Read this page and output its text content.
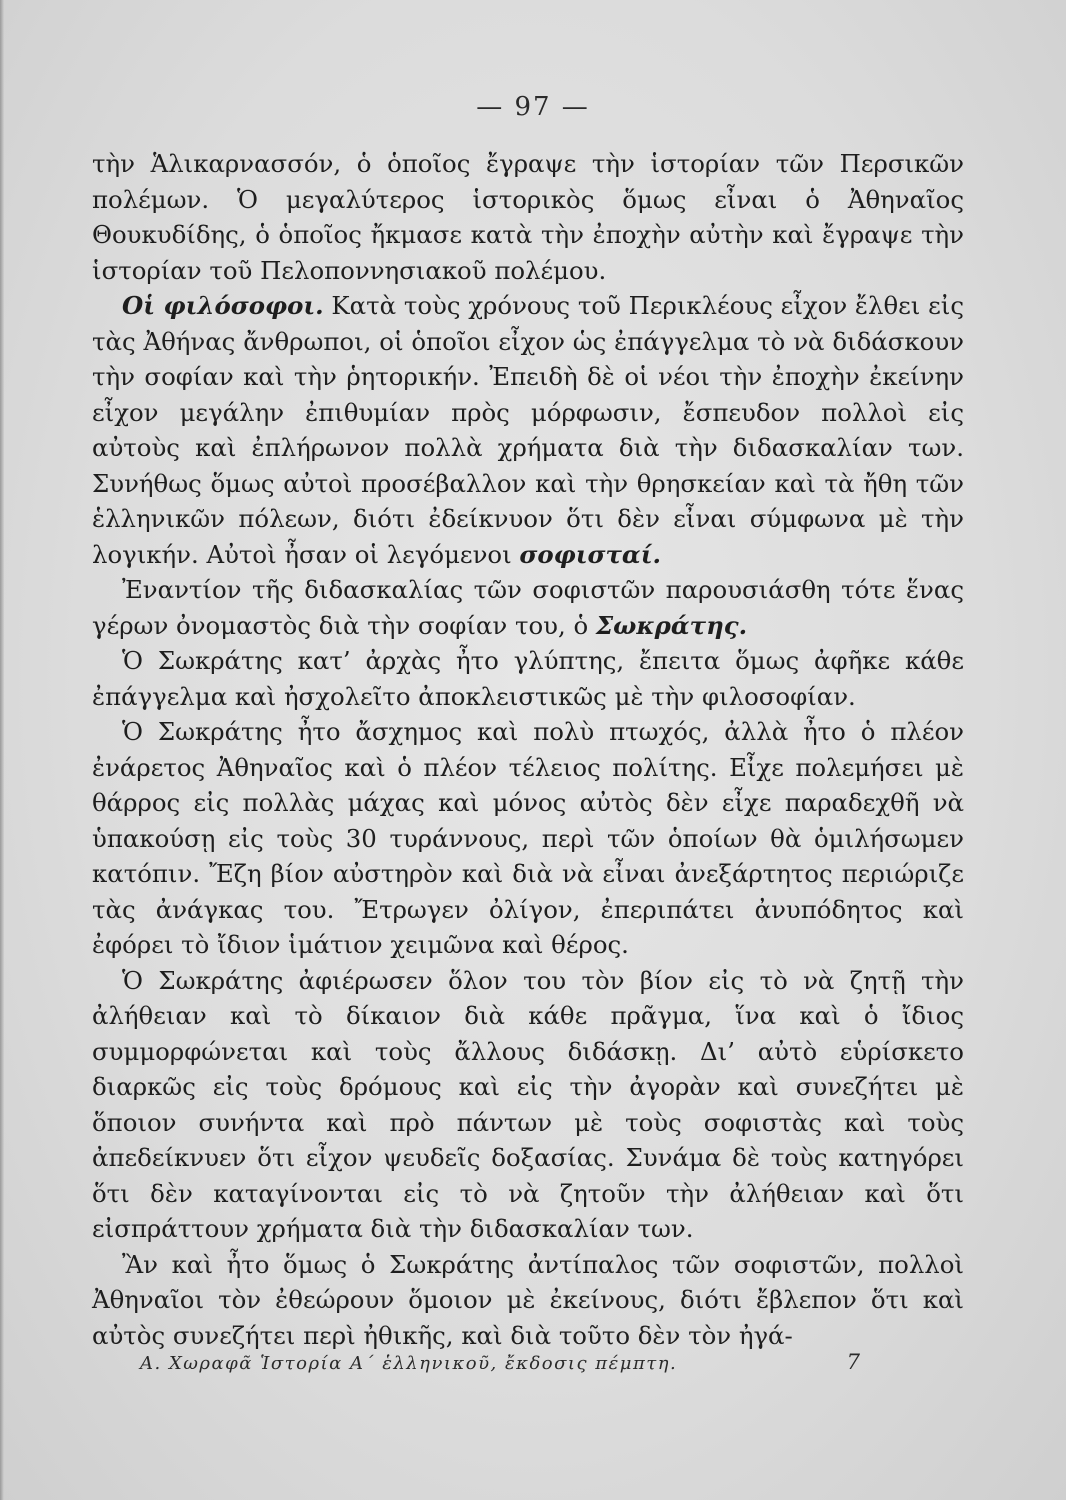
— 97 —

τὴν Ἁλικαρνασσόν, ὁ ὁποῖος ἔγραψε τὴν ἱστορίαν τῶν Περσικῶν πολέμων. Ὁ μεγαλύτερος ἱστορικὸς ὅμως εἶναι ὁ Ἀθηναῖος Θουκυδίδης, ὁ ὁποῖος ἤκμασε κατὰ τὴν ἐποχὴν αὐτὴν καὶ ἔγραψε τὴν ἱστορίαν τοῦ Πελοποννησιακοῦ πολέμου.

Οἱ φιλόσοφοι. Κατὰ τοὺς χρόνους τοῦ Περικλέους εἶχον ἔλθει εἰς τὰς Ἀθήνας ἄνθρωποι, οἱ ὁποῖοι εἶχον ὡς ἐπάγγελμα τὸ νὰ διδάσκουν τὴν σοφίαν καὶ τὴν ῥητορικήν. Ἐπειδὴ δὲ οἱ νέοι τὴν ἐποχὴν ἐκείνην εἶχον μεγάλην ἐπιθυμίαν πρὸς μόρφωσιν, ἔσπευδον πολλοὶ εἰς αὐτοὺς καὶ ἐπλήρωνον πολλὰ χρήματα διὰ τὴν διδασκαλίαν των. Συνήθως ὅμως αὐτοὶ προσέβαλλον καὶ τὴν θρησκείαν καὶ τὰ ἤθη τῶν ἑλληνικῶν πόλεων, διότι ἐδείκνυον ὅτι δὲν εἶναι σύμφωνα μὲ τὴν λογικήν. Αὐτοὶ ἦσαν οἱ λεγόμενοι σοφισταί.

Ἐναντίον τῆς διδασκαλίας τῶν σοφιστῶν παρουσιάσθη τότε ἕνας γέρων ὀνομαστὸς διὰ τὴν σοφίαν του, ὁ Σωκράτης.

Ὁ Σωκράτης κατ’ ἀρχὰς ἦτο γλύπτης, ἔπειτα ὅμως ἀφῆκε κάθε ἐπάγγελμα καὶ ἠσχολεῖτο ἀποκλειστικῶς μὲ τὴν φιλοσοφίαν.

Ὁ Σωκράτης ἦτο ἄσχημος καὶ πολὺ πτωχός, ἀλλὰ ἦτο ὁ πλέον ἐνάρετος Ἀθηναῖος καὶ ὁ πλέον τέλειος πολίτης. Εἶχε πολεμήσει μὲ θάρρος εἰς πολλὰς μάχας καὶ μόνος αὐτὸς δὲν εἶχε παραδεχθῆ νὰ ὑπακούσῃ εἰς τοὺς 30 τυράννους, περὶ τῶν ὁποίων θὰ ὁμιλήσωμεν κατόπιν. Ἔζη βίον αὐστηρὸν καὶ διὰ νὰ εἶναι ἀνεξάρτητος περιώριζε τὰς ἀνάγκας του. Ἔτρωγεν ὀλίγον, ἐπεριπάτει ἀνυπόδητος καὶ ἐφόρει τὸ ἴδιον ἱμάτιον χειμῶνα καὶ θέρος.

Ὁ Σωκράτης ἀφιέρωσεν ὅλον του τὸν βίον εἰς τὸ νὰ ζητῇ τὴν ἀλήθειαν καὶ τὸ δίκαιον διὰ κάθε πρᾶγμα, ἵνα καὶ ὁ ἴδιος συμμορφώνεται καὶ τοὺς ἄλλους διδάσκῃ. Δι’ αὐτὸ εὑρίσκετο διαρκῶς εἰς τοὺς δρόμους καὶ εἰς τὴν ἀγορὰν καὶ συνεζήτει μὲ ὅποιον συνήντα καὶ πρὸ πάντων μὲ τοὺς σοφιστὰς καὶ τοὺς ἀπεδείκνυεν ὅτι εἶχον ψευδεῖς δοξασίας. Συνάμα δὲ τοὺς κατηγόρει ὅτι δὲν καταγίνονται εἰς τὸ νὰ ζητοῦν τὴν ἀλήθειαν καὶ ὅτι εἰσπράττουν χρήματα διὰ τὴν διδασκαλίαν των.

Ἂν καὶ ἦτο ὅμως ὁ Σωκράτης ἀντίπαλος τῶν σοφιστῶν, πολλοὶ Ἀθηναῖοι τὸν ἐθεώρουν ὅμοιον μὲ ἐκείνους, διότι ἔβλεπον ὅτι καὶ αὐτὸς συνεζήτει περὶ ἠθικῆς, καὶ διὰ τοῦτο δὲν τὸν ἠγά-

Α. Χωραφᾶ Ἱστορία Α΄ ἑλληνικοῦ, ἔκδοσις πέμπτη.	7
